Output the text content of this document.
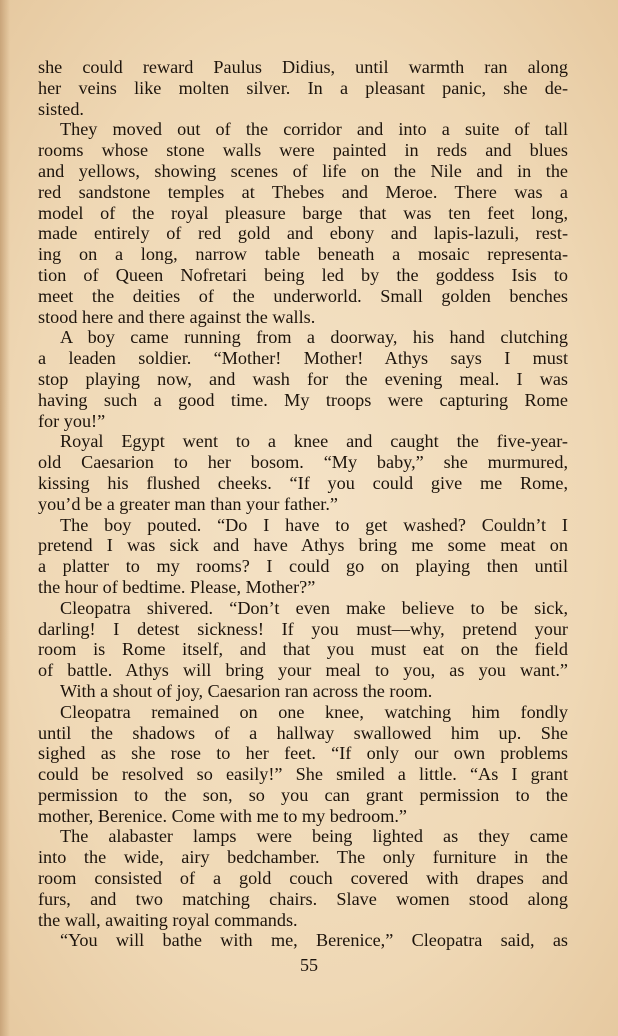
she could reward Paulus Didius, until warmth ran along
her veins like molten silver. In a pleasant panic, she de-
sisted.
They moved out of the corridor and into a suite of tall
rooms whose stone walls were painted in reds and blues
and yellows, showing scenes of life on the Nile and in the
red sandstone temples at Thebes and Meroe. There was a
model of the royal pleasure barge that was ten feet long,
made entirely of red gold and ebony and lapis-lazuli, rest-
ing on a long, narrow table beneath a mosaic representa-
tion of Queen Nofretari being led by the goddess Isis to
meet the deities of the underworld. Small golden benches
stood here and there against the walls.
A boy came running from a doorway, his hand clutching
a leaden soldier. “Mother! Mother! Athys says I must
stop playing now, and wash for the evening meal. I was
having such a good time. My troops were capturing Rome
for you!”
Royal Egypt went to a knee and caught the five-year-
old Caesarion to her bosom. “My baby,” she murmured,
kissing his flushed cheeks. “If you could give me Rome,
you’d be a greater man than your father.”
The boy pouted. “Do I have to get washed? Couldn’t I
pretend I was sick and have Athys bring me some meat on
a platter to my rooms? I could go on playing then until
the hour of bedtime. Please, Mother?”
Cleopatra shivered. “Don’t even make believe to be sick,
darling! I detest sickness! If you must—why, pretend your
room is Rome itself, and that you must eat on the field
of battle. Athys will bring your meal to you, as you want.”
With a shout of joy, Caesarion ran across the room.
Cleopatra remained on one knee, watching him fondly
until the shadows of a hallway swallowed him up. She
sighed as she rose to her feet. “If only our own problems
could be resolved so easily!” She smiled a little. “As I grant
permission to the son, so you can grant permission to the
mother, Berenice. Come with me to my bedroom.”
The alabaster lamps were being lighted as they came
into the wide, airy bedchamber. The only furniture in the
room consisted of a gold couch covered with drapes and
furs, and two matching chairs. Slave women stood along
the wall, awaiting royal commands.
“You will bathe with me, Berenice,” Cleopatra said, as
55
